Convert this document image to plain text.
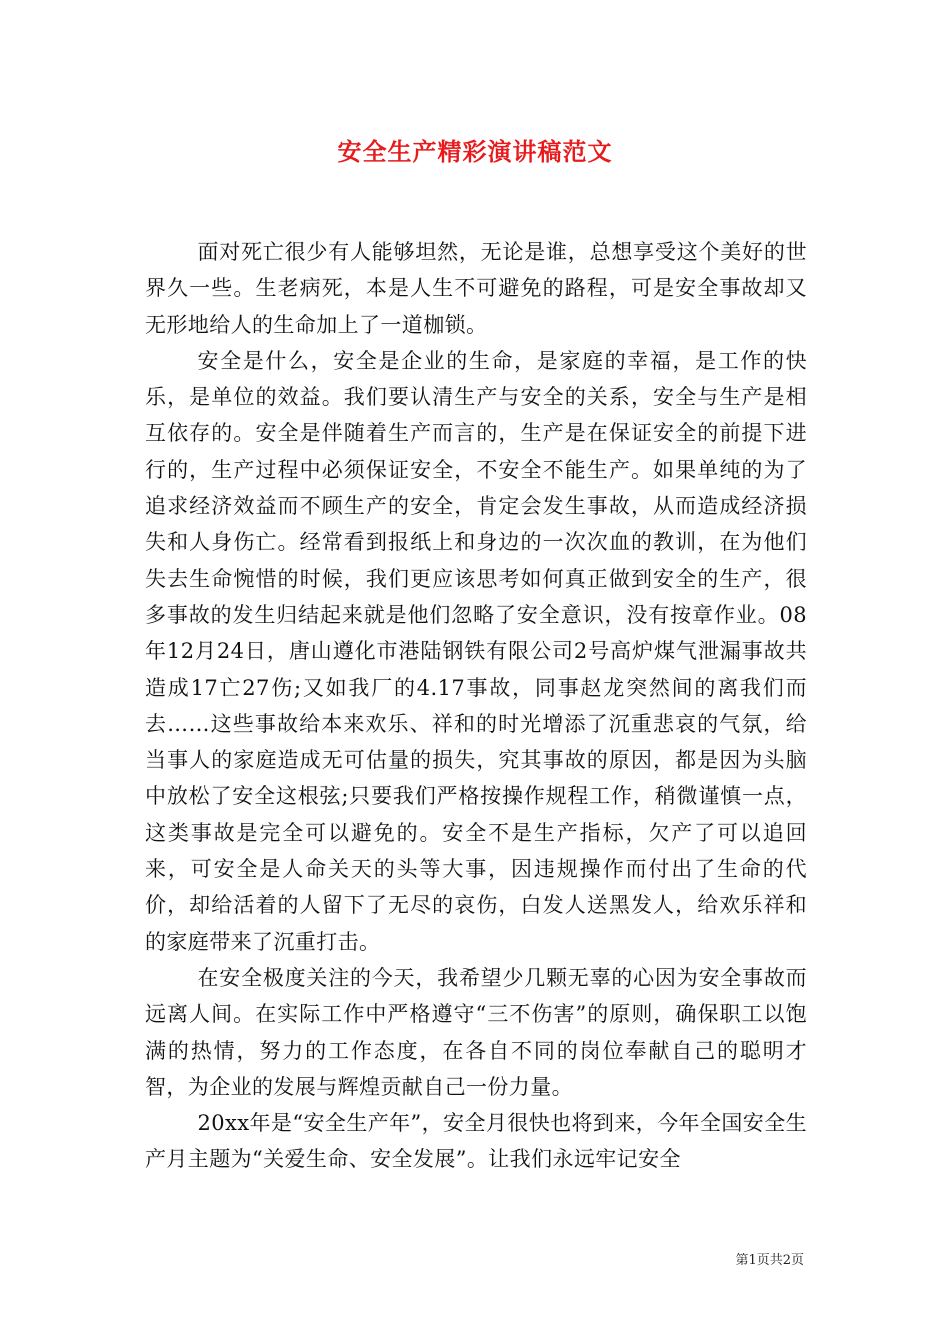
安全生产精彩演讲稿范文

面对死亡很少有人能够坦然，无论是谁，总想享受这个美好的世界久一些。生老病死，本是人生不可避免的路程，可是安全事故却又无形地给人的生命加上了一道枷锁。

安全是什么，安全是企业的生命，是家庭的幸福，是工作的快乐，是单位的效益。我们要认清生产与安全的关系，安全与生产是相互依存的。安全是伴随着生产而言的，生产是在保证安全的前提下进行的，生产过程中必须保证安全，不安全不能生产。如果单纯的为了追求经济效益而不顾生产的安全，肯定会发生事故，从而造成经济损失和人身伤亡。经常看到报纸上和身边的一次次血的教训，在为他们失去生命惋惜的时候，我们更应该思考如何真正做到安全的生产，很多事故的发生归结起来就是他们忽略了安全意识，没有按章作业。08年12月24日，唐山遵化市港陆钢铁有限公司2号高炉煤气泄漏事故共造成17亡27伤;又如我厂的4.17事故，同事赵龙突然间的离我们而去……这些事故给本来欢乐、祥和的时光增添了沉重悲哀的气氛，给当事人的家庭造成无可估量的损失，究其事故的原因，都是因为头脑中放松了安全这根弦;只要我们严格按操作规程工作，稍微谨慎一点，这类事故是完全可以避免的。安全不是生产指标，欠产了可以追回来，可安全是人命关天的头等大事，因违规操作而付出了生命的代价，却给活着的人留下了无尽的哀伤，白发人送黑发人，给欢乐祥和的家庭带来了沉重打击。

在安全极度关注的今天，我希望少几颗无辜的心因为安全事故而远离人间。在实际工作中严格遵守“三不伤害”的原则，确保职工以饱满的热情，努力的工作态度，在各自不同的岗位奉献自己的聪明才智，为企业的发展与辉煌贡献自己一份力量。

20xx年是“安全生产年”，安全月很快也将到来，今年全国安全生产月主题为“关爱生命、安全发展”。让我们永远牢记安全

第1页共2页
